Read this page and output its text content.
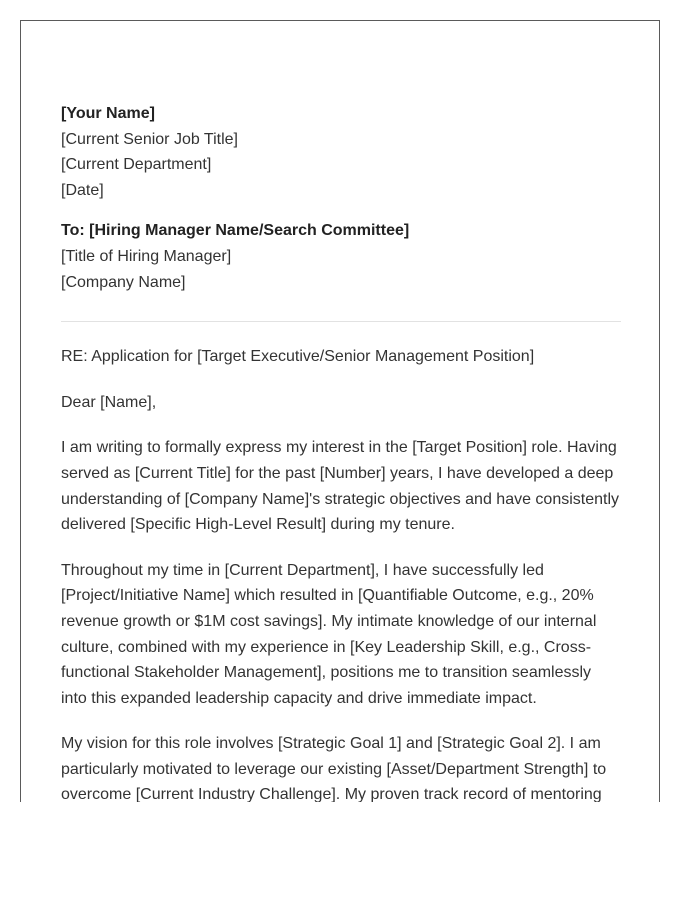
[Your Name]
[Current Senior Job Title]
[Current Department]
[Date]
To: [Hiring Manager Name/Search Committee]
[Title of Hiring Manager]
[Company Name]

RE: Application for [Target Executive/Senior Management Position]

Dear [Name],

I am writing to formally express my interest in the [Target Position] role. Having served as [Current Title] for the past [Number] years, I have developed a deep understanding of [Company Name]'s strategic objectives and have consistently delivered [Specific High-Level Result] during my tenure.

Throughout my time in [Current Department], I have successfully led [Project/Initiative Name] which resulted in [Quantifiable Outcome, e.g., 20% revenue growth or $1M cost savings]. My intimate knowledge of our internal culture, combined with my experience in [Key Leadership Skill, e.g., Cross-functional Stakeholder Management], positions me to transition seamlessly into this expanded leadership capacity and drive immediate impact.

My vision for this role involves [Strategic Goal 1] and [Strategic Goal 2]. I am particularly motivated to leverage our existing [Asset/Department Strength] to overcome [Current Industry Challenge]. My proven track record of mentoring
